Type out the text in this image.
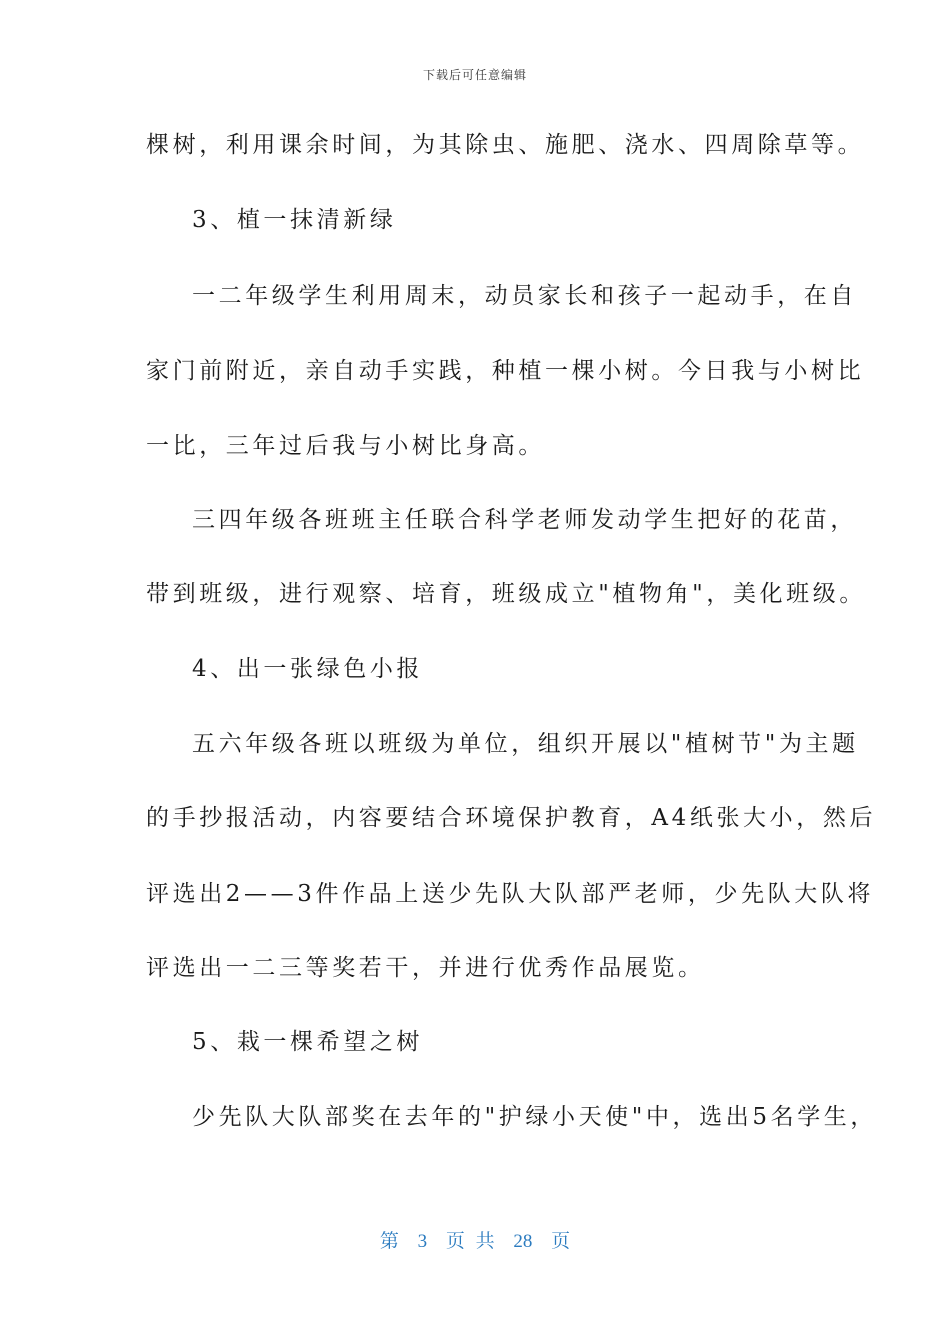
下载后可任意编辑
棵树，利用课余时间，为其除虫、施肥、浇水、四周除草等。
3、植一抹清新绿
一二年级学生利用周末，动员家长和孩子一起动手，在自
家门前附近，亲自动手实践，种植一棵小树。今日我与小树比
一比，三年过后我与小树比身高。
三四年级各班班主任联合科学老师发动学生把好的花苗，
带到班级，进行观察、培育，班级成立"植物角"，美化班级。
4、出一张绿色小报
五六年级各班以班级为单位，组织开展以"植树节"为主题
的手抄报活动，内容要结合环境保护教育，A4纸张大小，然后
评选出2——3件作品上送少先队大队部严老师，少先队大队将
评选出一二三等奖若干，并进行优秀作品展览。
5、栽一棵希望之树
少先队大队部奖在去年的"护绿小天使"中，选出5名学生，
第 3 页 共 28 页
